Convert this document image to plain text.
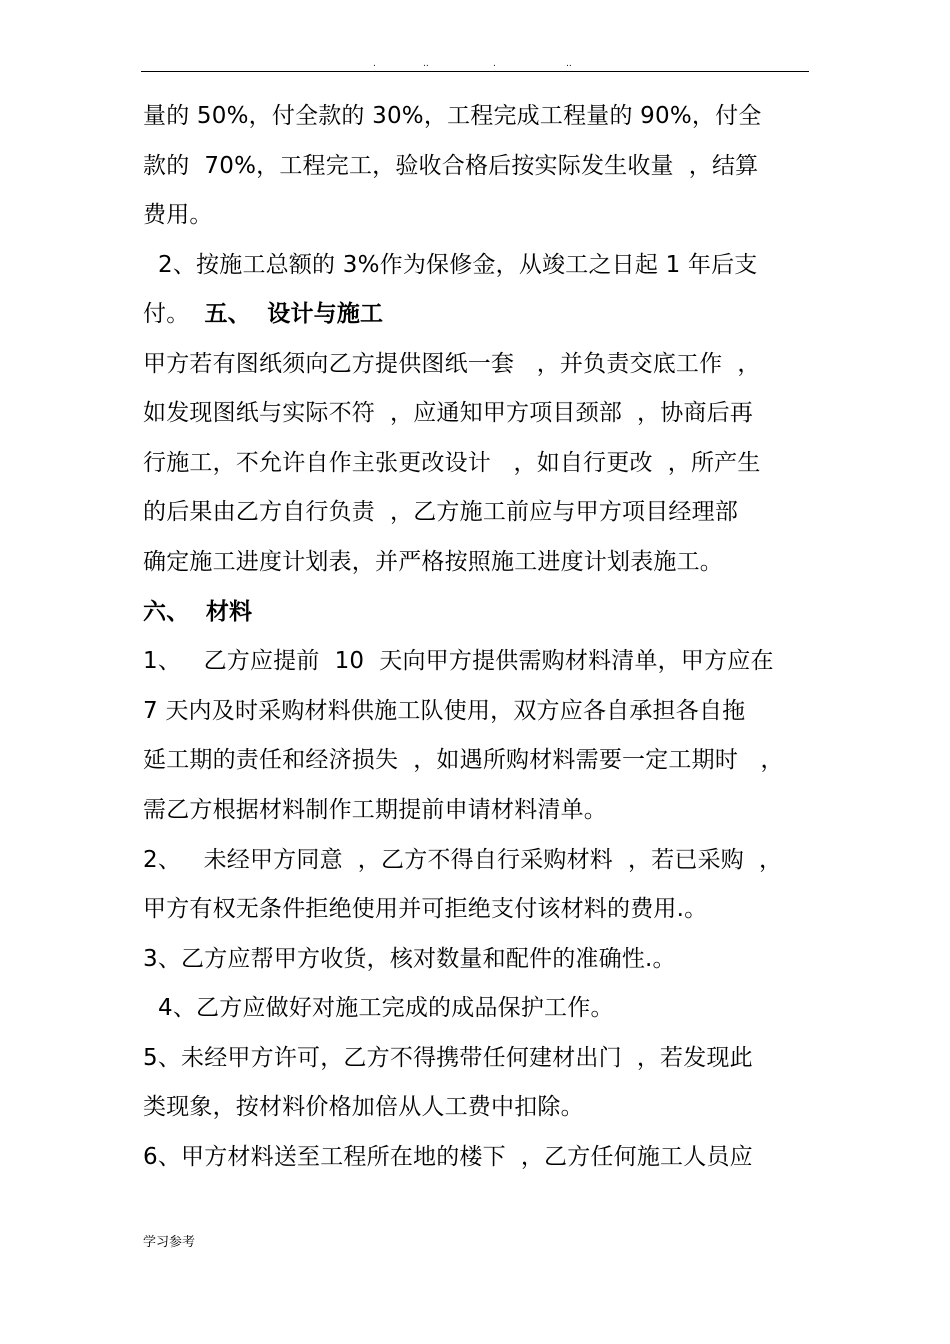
.	..	.	..
量的 50%，付全款的 30%，工程完成工程量的 90%，付全
款的  70%，工程完工，验收合格后按实际发生收量  ，结算
费用。
2、按施工总额的 3%作为保修金，从竣工之日起 1 年后支
付。  五、  设计与施工
甲方若有图纸须向乙方提供图纸一套   ，并负责交底工作  ，
如发现图纸与实际不符  ，应通知甲方项目颈部  ，协商后再
行施工，不允许自作主张更改设计   ，如自行更改  ，所产生
的后果由乙方自行负责  ，乙方施工前应与甲方项目经理部
确定施工进度计划表，并严格按照施工进度计划表施工。
六、  材料
1、   乙方应提前  10  天向甲方提供需购材料清单，甲方应在
7 天内及时采购材料供施工队使用，双方应各自承担各自拖
延工期的责任和经济损失  ，如遇所购材料需要一定工期时   ，
需乙方根据材料制作工期提前申请材料清单。
2、   未经甲方同意  ，乙方不得自行采购材料  ，若已采购  ，
甲方有权无条件拒绝使用并可拒绝支付该材料的费用.。
3、乙方应帮甲方收货，核对数量和配件的准确性.。
4、乙方应做好对施工完成的成品保护工作。
5、未经甲方许可，乙方不得携带任何建材出门  ，若发现此
类现象，按材料价格加倍从人工费中扣除。
6、甲方材料送至工程所在地的楼下  ，乙方任何施工人员应
学习参考
